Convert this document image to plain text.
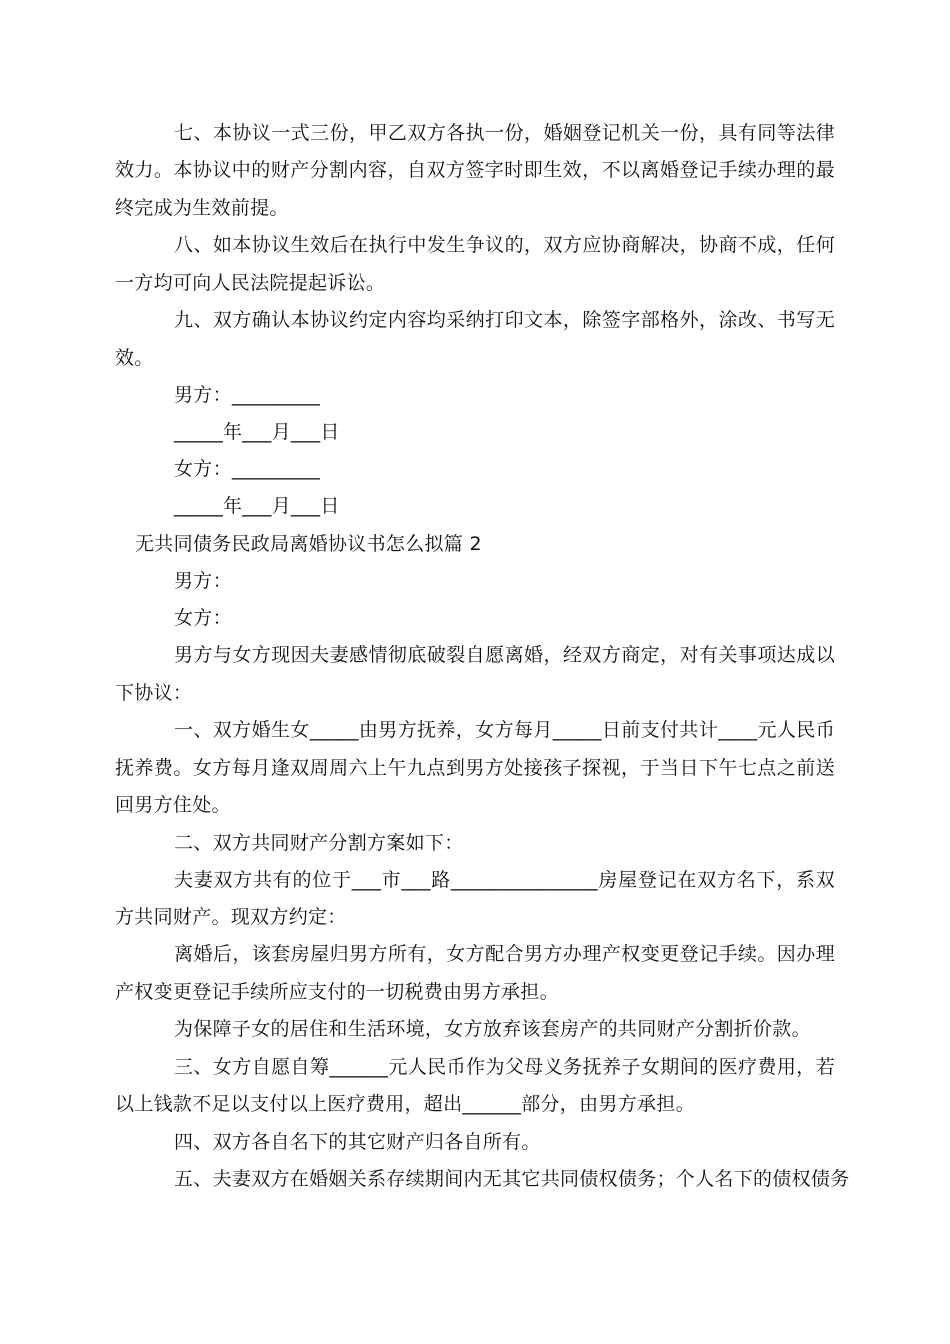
七、本协议一式三份，甲乙双方各执一份，婚姻登记机关一份，具有同等法律
效力。本协议中的财产分割内容，自双方签字时即生效，不以离婚登记手续办理的最
终完成为生效前提。
八、如本协议生效后在执行中发生争议的，双方应协商解决，协商不成，任何
一方均可向人民法院提起诉讼。
九、双方确认本协议约定内容均采纳打印文本，除签字部格外，涂改、书写无
效。
男方：_________
_____年___月___日
女方：_________
_____年___月___日
无共同债务民政局离婚协议书怎么拟篇 2
男方：
女方：
男方与女方现因夫妻感情彻底破裂自愿离婚，经双方商定，对有关事项达成以
下协议：
一、双方婚生女_____由男方抚养，女方每月_____日前支付共计____元人民币
抚养费。女方每月逢双周周六上午九点到男方处接孩子探视，于当日下午七点之前送
回男方住处。
二、双方共同财产分割方案如下：
夫妻双方共有的位于___市___路_______________房屋登记在双方名下，系双
方共同财产。现双方约定：
离婚后，该套房屋归男方所有，女方配合男方办理产权变更登记手续。因办理
产权变更登记手续所应支付的一切税费由男方承担。
为保障子女的居住和生活环境，女方放弃该套房产的共同财产分割折价款。
三、女方自愿自筹______元人民币作为父母义务抚养子女期间的医疗费用，若
以上钱款不足以支付以上医疗费用，超出______部分，由男方承担。
四、双方各自名下的其它财产归各自所有。
五、夫妻双方在婚姻关系存续期间内无其它共同债权债务；个人名下的债权债务
